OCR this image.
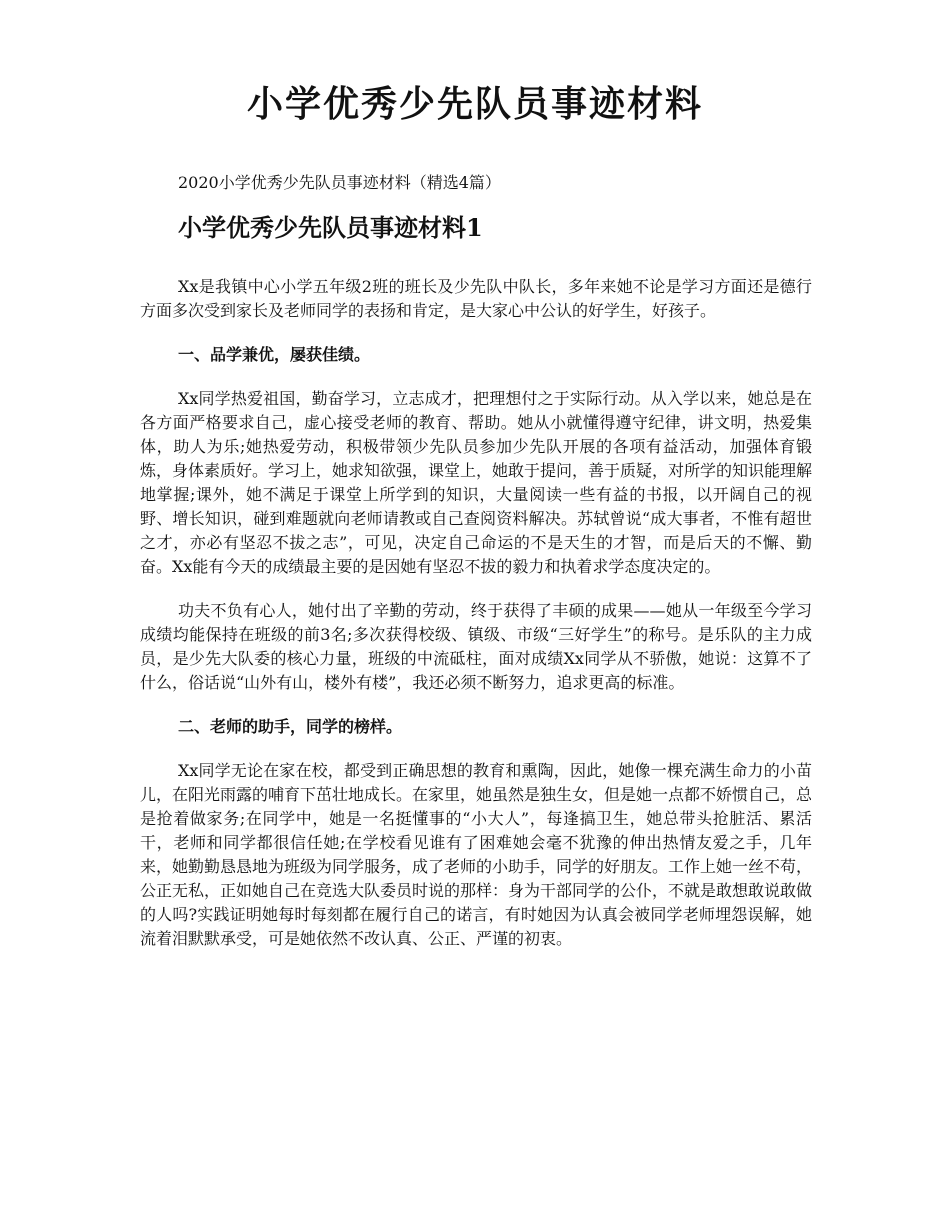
小学优秀少先队员事迹材料

2020小学优秀少先队员事迹材料（精选4篇）

小学优秀少先队员事迹材料1

Xx是我镇中心小学五年级2班的班长及少先队中队长，多年来她不论是学习方面还是德行方面多次受到家长及老师同学的表扬和肯定，是大家心中公认的好学生，好孩子。

一、品学兼优，屡获佳绩。

Xx同学热爱祖国，勤奋学习，立志成才，把理想付之于实际行动。从入学以来，她总是在各方面严格要求自己，虚心接受老师的教育、帮助。她从小就懂得遵守纪律，讲文明，热爱集体，助人为乐;她热爱劳动，积极带领少先队员参加少先队开展的各项有益活动，加强体育锻炼，身体素质好。学习上，她求知欲强，课堂上，她敢于提问，善于质疑，对所学的知识能理解地掌握;课外，她不满足于课堂上所学到的知识，大量阅读一些有益的书报，以开阔自己的视野、增长知识，碰到难题就向老师请教或自己查阅资料解决。苏轼曾说“成大事者，不惟有超世之才，亦必有坚忍不拔之志”，可见，决定自己命运的不是天生的才智，而是后天的不懈、勤奋。Xx能有今天的成绩最主要的是因她有坚忍不拔的毅力和执着求学态度决定的。

功夫不负有心人，她付出了辛勤的劳动，终于获得了丰硕的成果——她从一年级至今学习成绩均能保持在班级的前3名;多次获得校级、镇级、市级“三好学生”的称号。是乐队的主力成员，是少先大队委的核心力量，班级的中流砥柱，面对成绩Xx同学从不骄傲，她说：这算不了什么，俗话说“山外有山，楼外有楼”，我还必须不断努力，追求更高的标准。

二、老师的助手，同学的榜样。

Xx同学无论在家在校，都受到正确思想的教育和熏陶，因此，她像一棵充满生命力的小苗儿，在阳光雨露的哺育下茁壮地成长。在家里，她虽然是独生女，但是她一点都不娇惯自己，总是抢着做家务;在同学中，她是一名挺懂事的“小大人”，每逢搞卫生，她总带头抢脏活、累活干，老师和同学都很信任她;在学校看见谁有了困难她会毫不犹豫的伸出热情友爱之手，几年来，她勤勤恳恳地为班级为同学服务，成了老师的小助手，同学的好朋友。工作上她一丝不苟，公正无私，正如她自己在竞选大队委员时说的那样：身为干部同学的公仆，不就是敢想敢说敢做的人吗?实践证明她每时每刻都在履行自己的诺言，有时她因为认真会被同学老师埋怨误解，她流着泪默默承受，可是她依然不改认真、公正、严谨的初衷。
